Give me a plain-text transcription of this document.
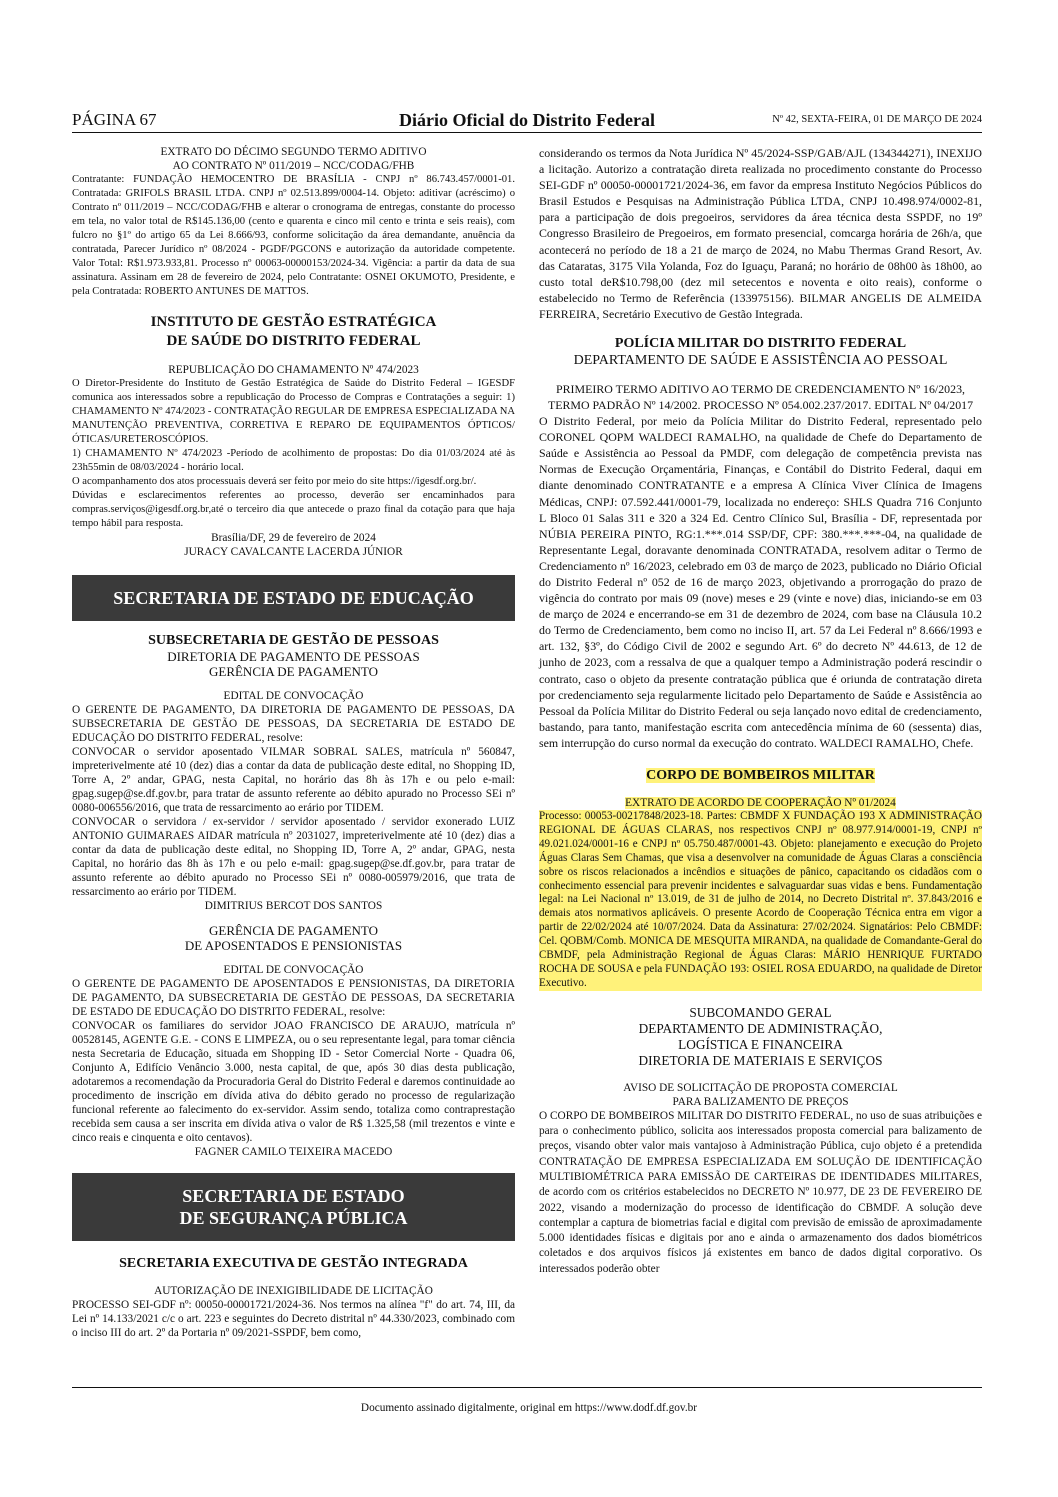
PÁGINA 67	Diário Oficial do Distrito Federal	Nº 42, SEXTA-FEIRA, 01 DE MARÇO DE 2024

EXTRATO DO DÉCIMO SEGUNDO TERMO ADITIVO

AO CONTRATO Nº 011/2019 – NCC/CODAG/FHB

Contratante: FUNDAÇÃO HEMOCENTRO DE BRASÍLIA - CNPJ nº 86.743.457/0001-01. Contratada: GRIFOLS BRASIL LTDA. CNPJ nº 02.513.899/0004-14. Objeto: aditivar (acréscimo) o Contrato nº 011/2019 – NCC/CODAG/FHB e alterar o cronograma de entregas, constante do processo em tela, no valor total de R$145.136,00 (cento e quarenta e cinco mil cento e trinta e seis reais), com fulcro no §1º do artigo 65 da Lei 8.666/93, conforme solicitação da área demandante, anuência da contratada, Parecer Jurídico nº 08/2024 - PGDF/PGCONS e autorização da autoridade competente. Valor Total: R$1.973.933,81. Processo nº 00063-00000153/2024-34. Vigência: a partir da data de sua assinatura. Assinam em 28 de fevereiro de 2024, pelo Contratante: OSNEI OKUMOTO, Presidente, e pela Contratada: ROBERTO ANTUNES DE MATTOS.

INSTITUTO DE GESTÃO ESTRATÉGICA

DE SAÚDE DO DISTRITO FEDERAL

REPUBLICAÇÃO DO CHAMAMENTO Nº 474/2023

O Diretor-Presidente do Instituto de Gestão Estratégica de Saúde do Distrito Federal – IGESDF comunica aos interessados sobre a republicação do Processo de Compras e Contratações a seguir: 1) CHAMAMENTO Nº 474/2023 - CONTRATAÇÃO REGULAR DE EMPRESA ESPECIALIZADA NA MANUTENÇÃO PREVENTIVA, CORRETIVA E REPARO DE EQUIPAMENTOS ÓPTICOS/ÓTICAS/URETEROSCÓPIOS.

1) CHAMAMENTO Nº 474/2023 -Período de acolhimento de propostas: Do dia 01/03/2024 até às 23h55min de 08/03/2024 - horário local.

O acompanhamento dos atos processuais deverá ser feito por meio do site https://igesdf.org.br/.

Dúvidas e esclarecimentos referentes ao processo, deverão ser encaminhados para compras.serviços@igesdf.org.br,até o terceiro dia que antecede o prazo final da cotação para que haja tempo hábil para resposta.

Brasília/DF, 29 de fevereiro de 2024

JURACY CAVALCANTE LACERDA JÚNIOR

SECRETARIA DE ESTADO DE EDUCAÇÃO

SUBSECRETARIA DE GESTÃO DE PESSOAS

DIRETORIA DE PAGAMENTO DE PESSOAS

GERÊNCIA DE PAGAMENTO

EDITAL DE CONVOCAÇÃO

O GERENTE DE PAGAMENTO, DA DIRETORIA DE PAGAMENTO DE PESSOAS, DA SUBSECRETARIA DE GESTÃO DE PESSOAS, DA SECRETARIA DE ESTADO DE EDUCAÇÃO DO DISTRITO FEDERAL, resolve:

CONVOCAR o servidor aposentado VILMAR SOBRAL SALES, matrícula nº 560847, impreterivelmente até 10 (dez) dias a contar da data de publicação deste edital, no Shopping ID, Torre A, 2º andar, GPAG, nesta Capital, no horário das 8h às 17h e ou pelo e-mail: gpag.sugep@se.df.gov.br, para tratar de assunto referente ao débito apurado no Processo SEi nº 0080-006556/2016, que trata de ressarcimento ao erário por TIDEM.

CONVOCAR o servidora / ex-servidor / servidor aposentado / servidor exonerado LUIZ ANTONIO GUIMARAES AIDAR matrícula nº 2031027, impreterivelmente até 10 (dez) dias a contar da data de publicação deste edital, no Shopping ID, Torre A, 2º andar, GPAG, nesta Capital, no horário das 8h às 17h e ou pelo e-mail: gpag.sugep@se.df.gov.br, para tratar de assunto referente ao débito apurado no Processo SEi nº 0080-005979/2016, que trata de ressarcimento ao erário por TIDEM.

DIMITRIUS BERCOT DOS SANTOS

GERÊNCIA DE PAGAMENTO

DE APOSENTADOS E PENSIONISTAS

EDITAL DE CONVOCAÇÃO

O GERENTE DE PAGAMENTO DE APOSENTADOS E PENSIONISTAS, DA DIRETORIA DE PAGAMENTO, DA SUBSECRETARIA DE GESTÃO DE PESSOAS, DA SECRETARIA DE ESTADO DE EDUCAÇÃO DO DISTRITO FEDERAL, resolve:

CONVOCAR os familiares do servidor JOAO FRANCISCO DE ARAUJO, matrícula nº 00528145, AGENTE G.E. - CONS E LIMPEZA, ou o seu representante legal, para tomar ciência nesta Secretaria de Educação, situada em Shopping ID - Setor Comercial Norte - Quadra 06, Conjunto A, Edifício Venâncio 3.000, nesta capital, de que, após 30 dias desta publicação, adotaremos a recomendação da Procuradoria Geral do Distrito Federal e daremos continuidade ao procedimento de inscrição em dívida ativa do débito gerado no processo de regularização funcional referente ao falecimento do ex-servidor. Assim sendo, totaliza como contraprestação recebida sem causa a ser inscrita em dívida ativa o valor de R$ 1.325,58 (mil trezentos e vinte e cinco reais e cinquenta e oito centavos).

FAGNER CAMILO TEIXEIRA MACEDO

SECRETARIA DE ESTADO
DE SEGURANÇA PÚBLICA

SECRETARIA EXECUTIVA DE GESTÃO INTEGRADA

AUTORIZAÇÃO DE INEXIGIBILIDADE DE LICITAÇÃO

PROCESSO SEI-GDF nº: 00050-00001721/2024-36. Nos termos na alínea "f" do art. 74, III, da Lei nº 14.133/2021 c/c o art. 223 e seguintes do Decreto distrital nº 44.330/2023, combinado com o inciso III do art. 2º da Portaria nº 09/2021-SSPDF, bem como,

considerando os termos da Nota Jurídica Nº 45/2024-SSP/GAB/AJL (134344271), INEXIJO a licitação. Autorizo a contratação direta realizada no procedimento constante do Processo SEI-GDF nº 00050-00001721/2024-36, em favor da empresa Instituto Negócios Públicos do Brasil Estudos e Pesquisas na Administração Pública LTDA, CNPJ 10.498.974/0002-81, para a participação de dois pregoeiros, servidores da área técnica desta SSPDF, no 19º Congresso Brasileiro de Pregoeiros, em formato presencial, comcarga horária de 26h/a, que acontecerá no período de 18 a 21 de março de 2024, no Mabu Thermas Grand Resort, Av. das Cataratas, 3175 Vila Yolanda, Foz do Iguaçu, Paraná; no horário de 08h00 às 18h00, ao custo total deR$10.798,00 (dez mil setecentos e noventa e oito reais), conforme o estabelecido no Termo de Referência (133975156). BILMAR ANGELIS DE ALMEIDA FERREIRA, Secretário Executivo de Gestão Integrada.

POLÍCIA MILITAR DO DISTRITO FEDERAL

DEPARTAMENTO DE SAÚDE E ASSISTÊNCIA AO PESSOAL

PRIMEIRO TERMO ADITIVO AO TERMO DE CREDENCIAMENTO Nº 16/2023,

TERMO PADRÃO Nº 14/2002. PROCESSO Nº 054.002.237/2017. EDITAL Nº 04/2017

O Distrito Federal, por meio da Polícia Militar do Distrito Federal, representado pelo CORONEL QOPM WALDECI RAMALHO, na qualidade de Chefe do Departamento de Saúde e Assistência ao Pessoal da PMDF, com delegação de competência prevista nas Normas de Execução Orçamentária, Finanças, e Contábil do Distrito Federal, daqui em diante denominado CONTRATANTE e a empresa A Clínica Viver Clínica de Imagens Médicas, CNPJ: 07.592.441/0001-79, localizada no endereço: SHLS Quadra 716 Conjunto L Bloco 01 Salas 311 e 320 a 324 Ed. Centro Clínico Sul, Brasília - DF, representada por NÚBIA PEREIRA PINTO, RG:1.***.014 SSP/DF, CPF: 380.***.***-04, na qualidade de Representante Legal, doravante denominada CONTRATADA, resolvem aditar o Termo de Credenciamento nº 16/2023, celebrado em 03 de março de 2023, publicado no Diário Oficial do Distrito Federal nº 052 de 16 de março 2023, objetivando a prorrogação do prazo de vigência do contrato por mais 09 (nove) meses e 29 (vinte e nove) dias, iniciando-se em 03 de março de 2024 e encerrando-se em 31 de dezembro de 2024, com base na Cláusula 10.2 do Termo de Credenciamento, bem como no inciso II, art. 57 da Lei Federal nº 8.666/1993 e art. 132, §3º, do Código Civil de 2002 e segundo Art. 6º do decreto Nº 44.613, de 12 de junho de 2023, com a ressalva de que a qualquer tempo a Administração poderá rescindir o contrato, caso o objeto da presente contratação pública que é oriunda de contratação direta por credenciamento seja regularmente licitado pelo Departamento de Saúde e Assistência ao Pessoal da Polícia Militar do Distrito Federal ou seja lançado novo edital de credenciamento, bastando, para tanto, manifestação escrita com antecedência mínima de 60 (sessenta) dias, sem interrupção do curso normal da execução do contrato. WALDECI RAMALHO, Chefe.

CORPO DE BOMBEIROS MILITAR

EXTRATO DE ACORDO DE COOPERAÇÃO Nº 01/2024

Processo: 00053-00217848/2023-18. Partes: CBMDF X FUNDAÇÃO 193 X ADMINISTRAÇÃO REGIONAL DE ÁGUAS CLARAS, nos respectivos CNPJ nº 08.977.914/0001-19, CNPJ nº 49.021.024/0001-16 e CNPJ nº 05.750.487/0001-43. Objeto: planejamento e execução do Projeto Águas Claras Sem Chamas, que visa a desenvolver na comunidade de Águas Claras a consciência sobre os riscos relacionados a incêndios e situações de pânico, capacitando os cidadãos com o conhecimento essencial para prevenir incidentes e salvaguardar suas vidas e bens. Fundamentação legal: na Lei Nacional nº 13.019, de 31 de julho de 2014, no Decreto Distrital nº. 37.843/2016 e demais atos normativos aplicáveis. O presente Acordo de Cooperação Técnica entra em vigor a partir de 22/02/2024 até 10/07/2024. Data da Assinatura: 27/02/2024. Signatários: Pelo CBMDF: Cel. QOBM/Comb. MONICA DE MESQUITA MIRANDA, na qualidade de Comandante-Geral do CBMDF, pela Administração Regional de Águas Claras: MÁRIO HENRIQUE FURTADO ROCHA DE SOUSA e pela FUNDAÇÃO 193: OSIEL ROSA EDUARDO, na qualidade de Diretor Executivo.

SUBCOMANDO GERAL

DEPARTAMENTO DE ADMINISTRAÇÃO,

LOGÍSTICA E FINANCEIRA

DIRETORIA DE MATERIAIS E SERVIÇOS

AVISO DE SOLICITAÇÃO DE PROPOSTA COMERCIAL

PARA BALIZAMENTO DE PREÇOS

O CORPO DE BOMBEIROS MILITAR DO DISTRITO FEDERAL, no uso de suas atribuições e para o conhecimento público, solicita aos interessados proposta comercial para balizamento de preços, visando obter valor mais vantajoso à Administração Pública, cujo objeto é a pretendida CONTRATAÇÃO DE EMPRESA ESPECIALIZADA EM SOLUÇÃO DE IDENTIFICAÇÃO MULTIBIOMÉTRICA PARA EMISSÃO DE CARTEIRAS DE IDENTIDADES MILITARES, de acordo com os critérios estabelecidos no DECRETO Nº 10.977, DE 23 DE FEVEREIRO DE 2022, visando a modernização do processo de identificação do CBMDF. A solução deve contemplar a captura de biometrias facial e digital com previsão de emissão de aproximadamente 5.000 identidades físicas e digitais por ano e ainda o armazenamento dos dados biométricos coletados e dos arquivos físicos já existentes em banco de dados digital corporativo. Os interessados poderão obter

Documento assinado digitalmente, original em https://www.dodf.df.gov.br
